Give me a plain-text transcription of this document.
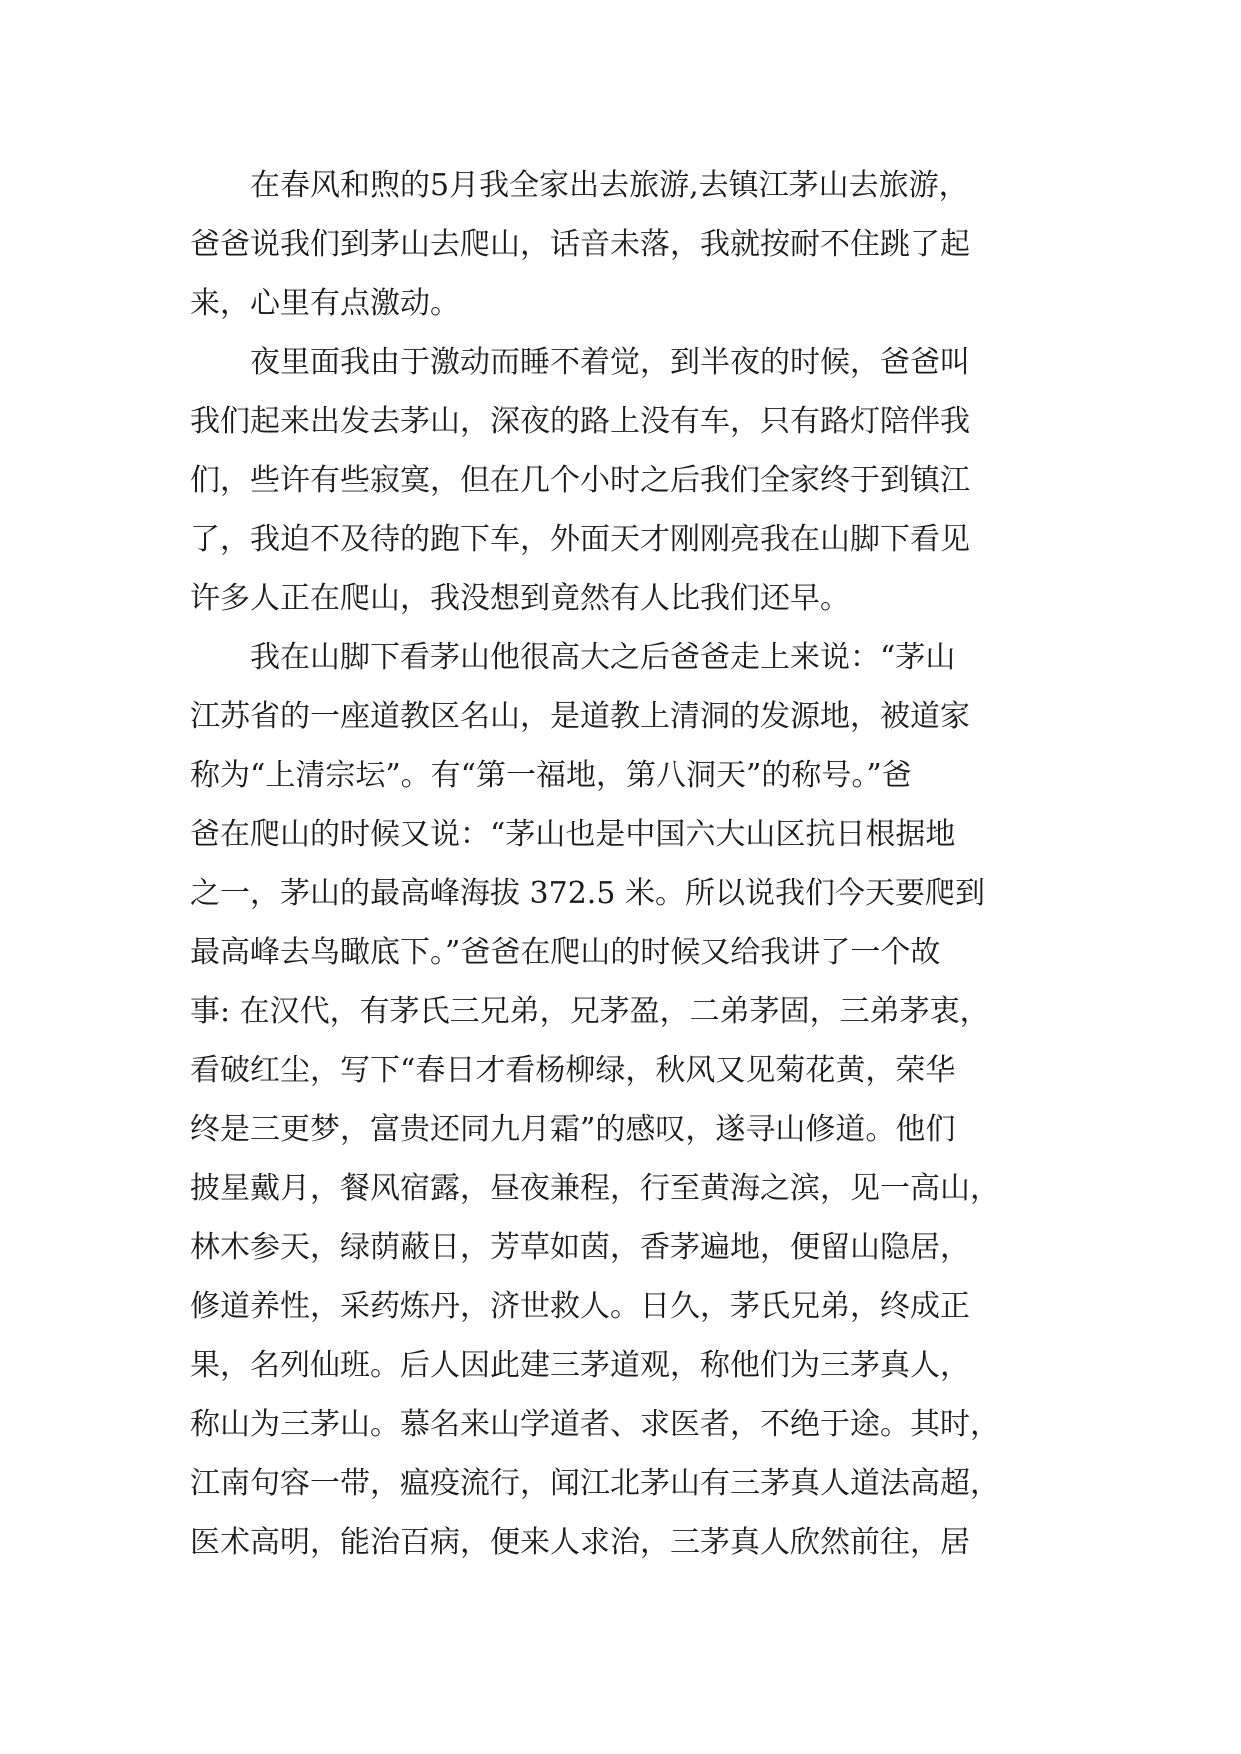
　　在春风和煦的5月我全家出去旅游,去镇江茅山去旅游，
爸爸说我们到茅山去爬山，话音未落，我就按耐不住跳了起
来，心里有点激动。
　　夜里面我由于激动而睡不着觉，到半夜的时候，爸爸叫
我们起来出发去茅山，深夜的路上没有车，只有路灯陪伴我
们，些许有些寂寞，但在几个小时之后我们全家终于到镇江
了，我迫不及待的跑下车，外面天才刚刚亮我在山脚下看见
许多人正在爬山，我没想到竟然有人比我们还早。
　　我在山脚下看茅山他很高大之后爸爸走上来说：“茅山
江苏省的一座道教区名山，是道教上清洞的发源地，被道家
称为“上清宗坛”。有“第一福地，第八洞天”的称号。”爸
爸在爬山的时候又说：“茅山也是中国六大山区抗日根据地
之一，茅山的最高峰海拔 372.5 米。所以说我们今天要爬到
最高峰去鸟瞰底下。”爸爸在爬山的时候又给我讲了一个故
事: 在汉代，有茅氏三兄弟，兄茅盈，二弟茅固，三弟茅衷，
看破红尘，写下“春日才看杨柳绿，秋风又见菊花黄，荣华
终是三更梦，富贵还同九月霜”的感叹，遂寻山修道。他们
披星戴月，餐风宿露，昼夜兼程，行至黄海之滨，见一高山，
林木参天，绿荫蔽日，芳草如茵，香茅遍地，便留山隐居，
修道养性，采药炼丹，济世救人。日久，茅氏兄弟，终成正
果，名列仙班。后人因此建三茅道观，称他们为三茅真人，
称山为三茅山。慕名来山学道者、求医者，不绝于途。其时，
江南句容一带，瘟疫流行，闻江北茅山有三茅真人道法高超，
医术高明，能治百病，便来人求治，三茅真人欣然前往，居
